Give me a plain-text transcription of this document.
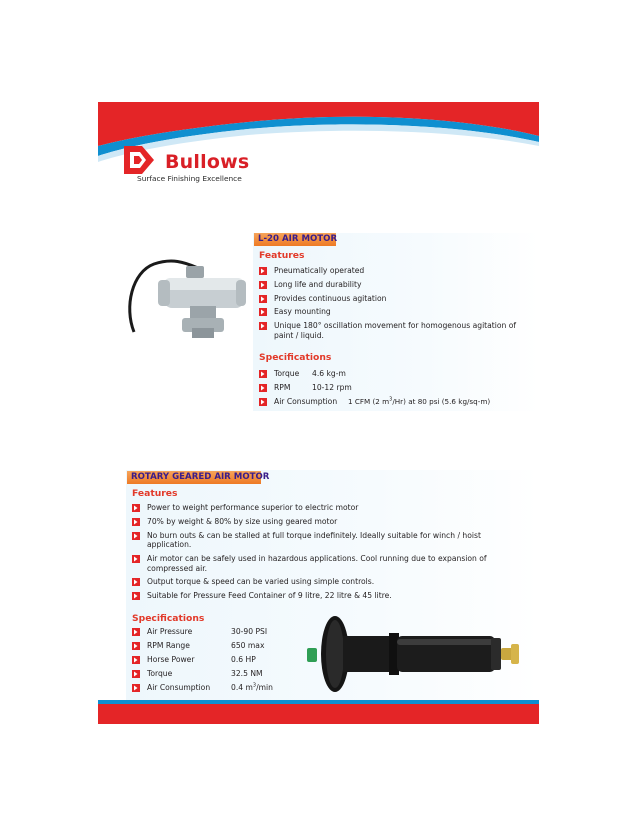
Bullows
Surface Finishing Excellence
L-20 AIR MOTOR
Features
Pneumatically operated
Long life and durability
Provides continuous agitation
Easy mounting
Unique 180° oscillation movement for homogenous agitation of paint / liquid.
Specifications
Torque 4.6 kg-m
RPM	10-12 rpm
Air Consumption 1 CFM (2 $m^3/Hr$) at 80 psi (5.6 kg/sq-m)
ROTARY GEARED AIR MOTOR
Features
Power to weight performance superior to electric motor
70% by weight & 80% by size using geared motor
No burn outs & can be stalled at full torque indefinitely. Ideally suitable for winch / hoist application.
Air motor can be safely used in hazardous applications. Cool running due to expansion of compressed air.
Output torque & speed can be varied using simple controls.
Suitable for Pressure Feed Container of 9 litre, 22 litre & 45 litre.
Specifications
Air Pressure	30-90 PSI
RPM Range	650 max
Horse Power	0.6 HP
Torque	32.5 NM
Air Consumption	0.4 $m^3/\min$
